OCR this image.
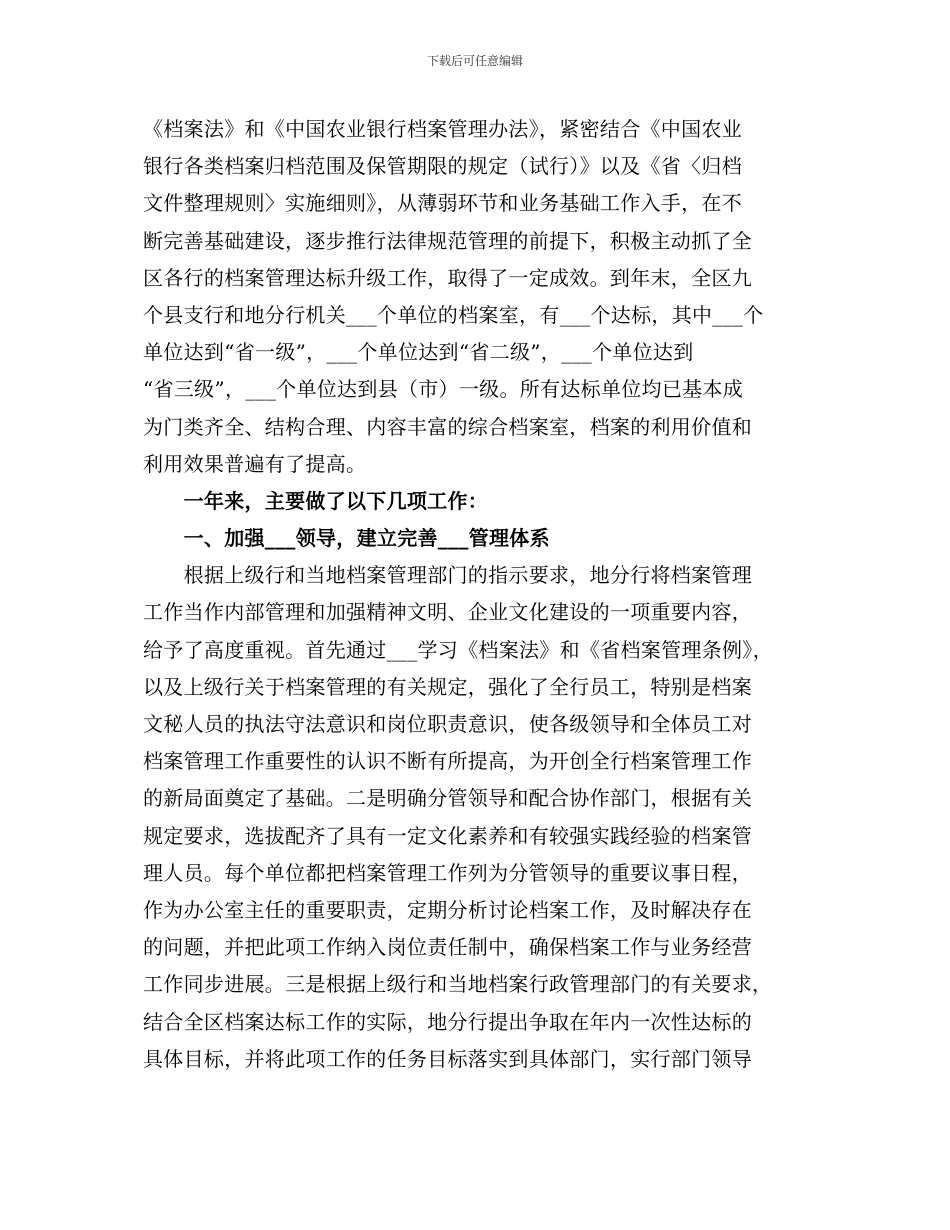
下载后可任意编辑
《档案法》和《中国农业银行档案管理办法》，紧密结合《中国农业
银行各类档案归档范围及保管期限的规定（试行）》以及《省〈归档
文件整理规则〉实施细则》，从薄弱环节和业务基础工作入手，在不
断完善基础建设，逐步推行法律规范管理的前提下，积极主动抓了全
区各行的档案管理达标升级工作，取得了一定成效。到年末，全区九
个县支行和地分行机关___个单位的档案室，有___个达标，其中___个
单位达到“省一级”，___个单位达到“省二级”，___个单位达到
“省三级”，___个单位达到县（市）一级。所有达标单位均已基本成
为门类齐全、结构合理、内容丰富的综合档案室，档案的利用价值和
利用效果普遍有了提高。
　　一年来，主要做了以下几项工作：
　　一、加强___领导，建立完善___管理体系
　　根据上级行和当地档案管理部门的指示要求，地分行将档案管理
工作当作内部管理和加强精神文明、企业文化建设的一项重要内容，
给予了高度重视。首先通过___学习《档案法》和《省档案管理条例》，
以及上级行关于档案管理的有关规定，强化了全行员工，特别是档案
文秘人员的执法守法意识和岗位职责意识，使各级领导和全体员工对
档案管理工作重要性的认识不断有所提高，为开创全行档案管理工作
的新局面奠定了基础。二是明确分管领导和配合协作部门，根据有关
规定要求，选拔配齐了具有一定文化素养和有较强实践经验的档案管
理人员。每个单位都把档案管理工作列为分管领导的重要议事日程，
作为办公室主任的重要职责，定期分析讨论档案工作，及时解决存在
的问题，并把此项工作纳入岗位责任制中，确保档案工作与业务经营
工作同步进展。三是根据上级行和当地档案行政管理部门的有关要求，
结合全区档案达标工作的实际，地分行提出争取在年内一次性达标的
具体目标，并将此项工作的任务目标落实到具体部门，实行部门领导
